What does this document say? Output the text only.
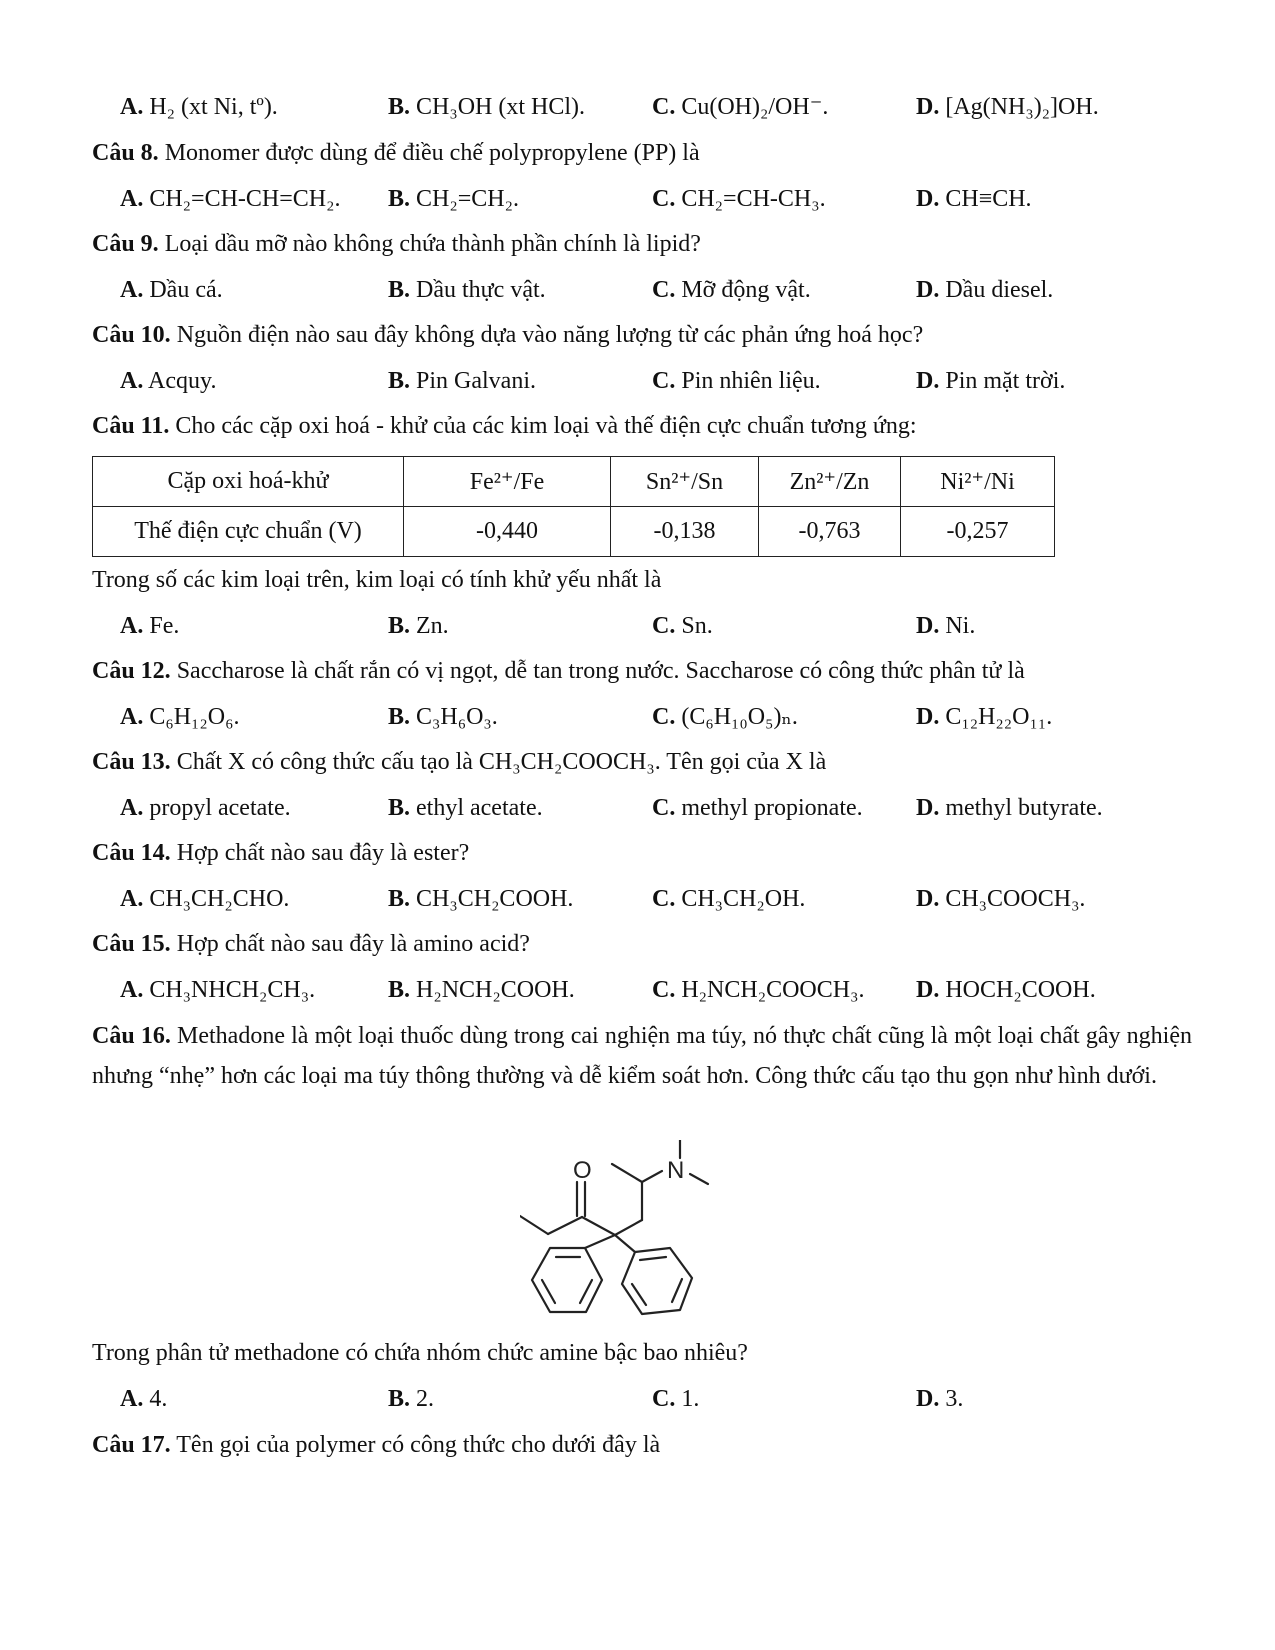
A. H₂ (xt Ni, tº).	B. CH₃OH (xt HCl).	C. Cu(OH)₂/OH⁻.	D. [Ag(NH₃)₂]OH.
Câu 8. Monomer được dùng để điều chế polypropylene (PP) là
A. CH₂=CH-CH=CH₂. B. CH₂=CH₂.	C. CH₂=CH-CH₃.	D. CH≡CH.
Câu 9. Loại dầu mỡ nào không chứa thành phần chính là lipid?
A. Dầu cá.	B. Dầu thực vật.	C. Mỡ động vật.	D. Dầu diesel.
Câu 10. Nguồn điện nào sau đây không dựa vào năng lượng từ các phản ứng hoá học?
A. Acquy.	B. Pin Galvani.	C. Pin nhiên liệu.	D. Pin mặt trời.
Câu 11. Cho các cặp oxi hoá - khử của các kim loại và thế điện cực chuẩn tương ứng:
Cặp oxi hoá-khử	Fe²⁺/Fe	Sn²⁺/Sn	Zn²⁺/Zn	Ni²⁺/Ni
Thế điện cực chuẩn (V)	-0,440	-0,138	-0,763	-0,257
Trong số các kim loại trên, kim loại có tính khử yếu nhất là
A. Fe.	B. Zn.	C. Sn.	D. Ni.
Câu 12. Saccharose là chất rắn có vị ngọt, dễ tan trong nước. Saccharose có công thức phân tử là
A. C₆H₁₂O₆.	B. C₃H₆O₃.	C. (C₆H₁₀O₅)ₙ.	D. C₁₂H₂₂O₁₁.
Câu 13. Chất X có công thức cấu tạo là CH₃CH₂COOCH₃. Tên gọi của X là
A. propyl acetate.	B. ethyl acetate.	C. methyl propionate. D. methyl butyrate.
Câu 14. Hợp chất nào sau đây là ester?
A. CH₃CH₂CHO.	B. CH₃CH₂COOH.	C. CH₃CH₂OH.	D. CH₃COOCH₃.
Câu 15. Hợp chất nào sau đây là amino acid?
A. CH₃NHCH₂CH₃.	B. H₂NCH₂COOH.	C. H₂NCH₂COOCH₃. D. HOCH₂COOH.
Câu 16. Methadone là một loại thuốc dùng trong cai nghiện ma túy, nó thực chất cũng là một loại chất gây nghiện nhưng “nhẹ” hơn các loại ma túy thông thường và dễ kiểm soát hơn. Công thức cấu tạo thu gọn như hình dưới.
O	N
Trong phân tử methadone có chứa nhóm chức amine bậc bao nhiêu?
A. 4.	B. 2.	C. 1.	D. 3.
Câu 17. Tên gọi của polymer có công thức cho dưới đây là
